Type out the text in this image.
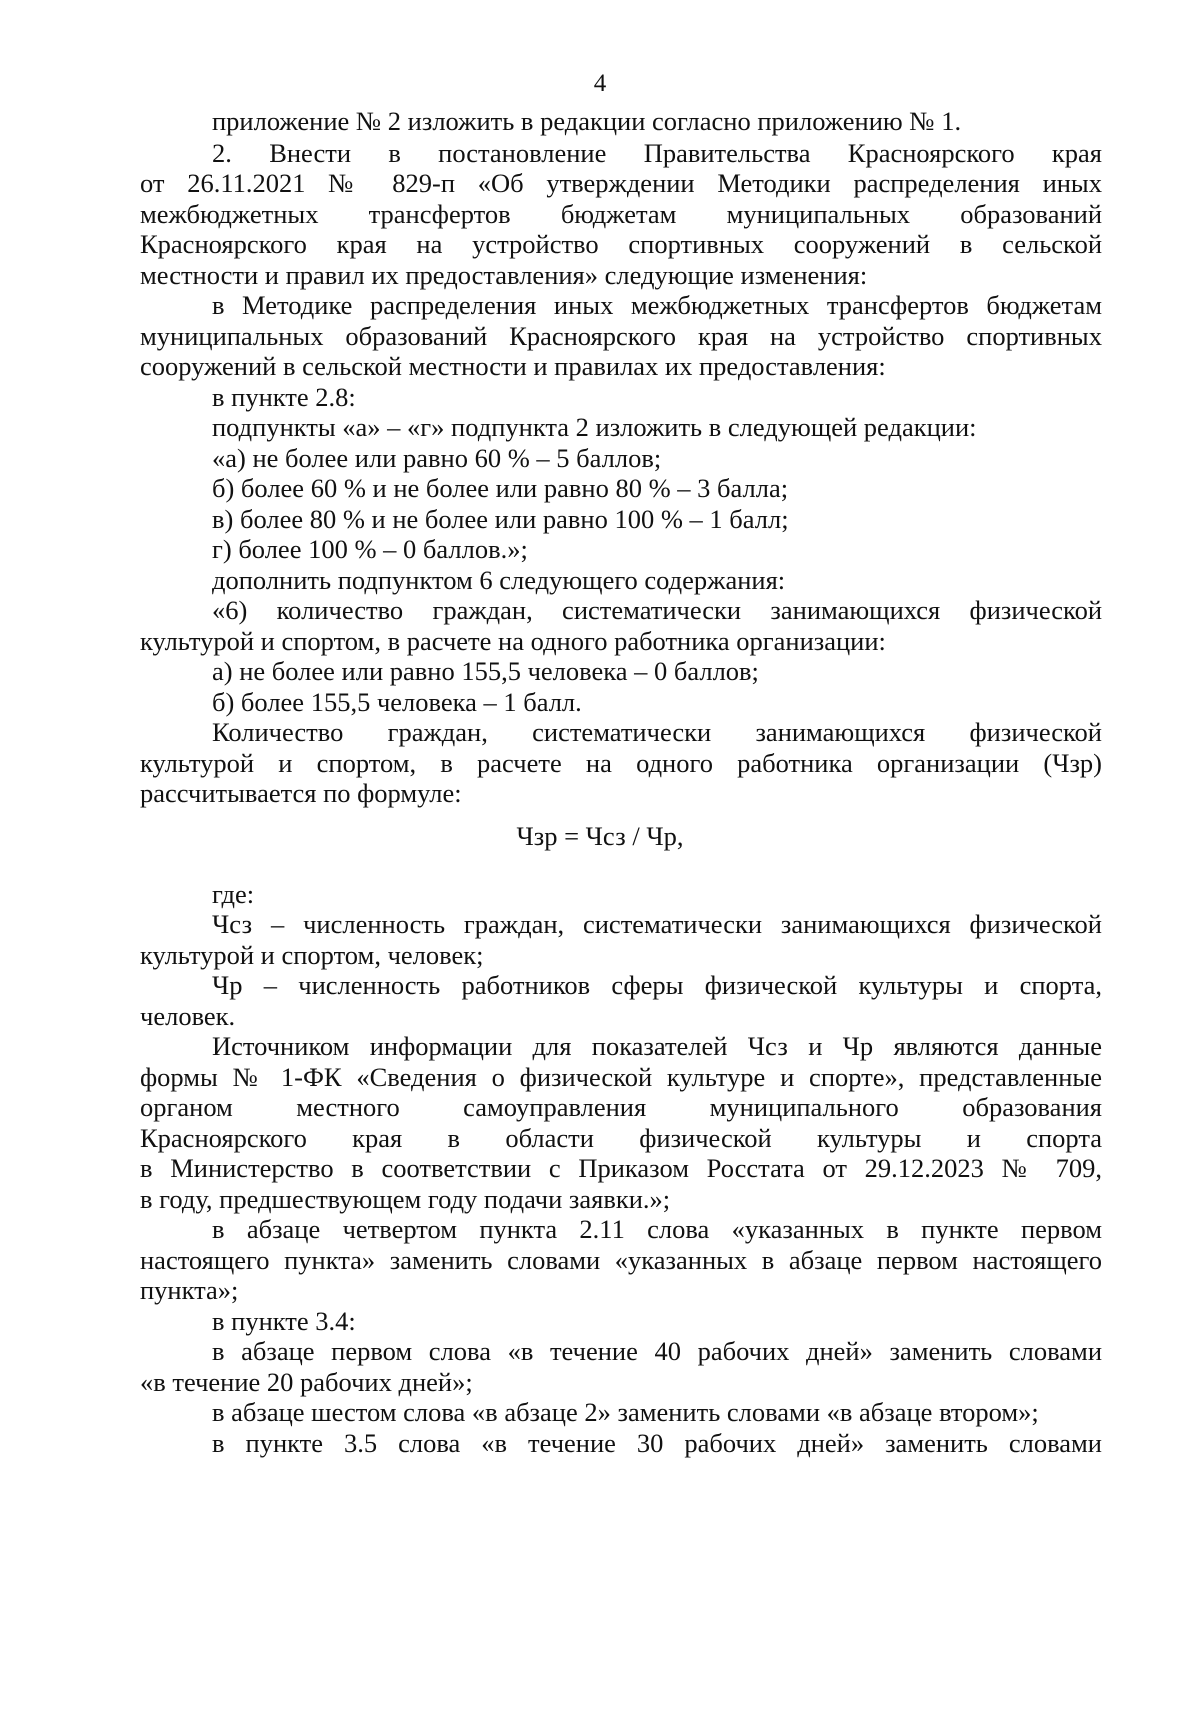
4
приложение № 2 изложить в редакции согласно приложению № 1.
2. Внести в постановление Правительства Красноярского края
от 26.11.2021 № 829-п «Об утверждении Методики распределения иных
межбюджетных трансфертов бюджетам муниципальных образований
Красноярского края на устройство спортивных сооружений в сельской
местности и правил их предоставления» следующие изменения:
в Методике распределения иных межбюджетных трансфертов бюджетам
муниципальных образований Красноярского края на устройство спортивных
сооружений в сельской местности и правилах их предоставления:
в пункте 2.8:
подпункты «а» – «г» подпункта 2 изложить в следующей редакции:
«а) не более или равно 60 % – 5 баллов;
б) более 60 % и не более или равно 80 % – 3 балла;
в) более 80 % и не более или равно 100 % – 1 балл;
г) более 100 % – 0 баллов.»;
дополнить подпунктом 6 следующего содержания:
«6) количество граждан, систематически занимающихся физической
культурой и спортом, в расчете на одного работника организации:
а) не более или равно 155,5 человека – 0 баллов;
б) более 155,5 человека – 1 балл.
Количество граждан, систематически занимающихся физической
культурой и спортом, в расчете на одного работника организации (Чзр)
рассчитывается по формуле:
Чзр = Чсз / Чр,
где:
Чсз – численность граждан, систематически занимающихся физической
культурой и спортом, человек;
Чр – численность работников сферы физической культуры и спорта,
человек.
Источником информации для показателей Чсз и Чр являются данные
формы № 1-ФК «Сведения о физической культуре и спорте», представленные
органом местного самоуправления муниципального образования
Красноярского края в области физической культуры и спорта
в Министерство в соответствии с Приказом Росстата от 29.12.2023 № 709,
в году, предшествующем году подачи заявки.»;
в абзаце четвертом пункта 2.11 слова «указанных в пункте первом
настоящего пункта» заменить словами «указанных в абзаце первом настоящего
пункта»;
в пункте 3.4:
в абзаце первом слова «в течение 40 рабочих дней» заменить словами
«в течение 20 рабочих дней»;
в абзаце шестом слова «в абзаце 2» заменить словами «в абзаце втором»;
в пункте 3.5 слова «в течение 30 рабочих дней» заменить словами
